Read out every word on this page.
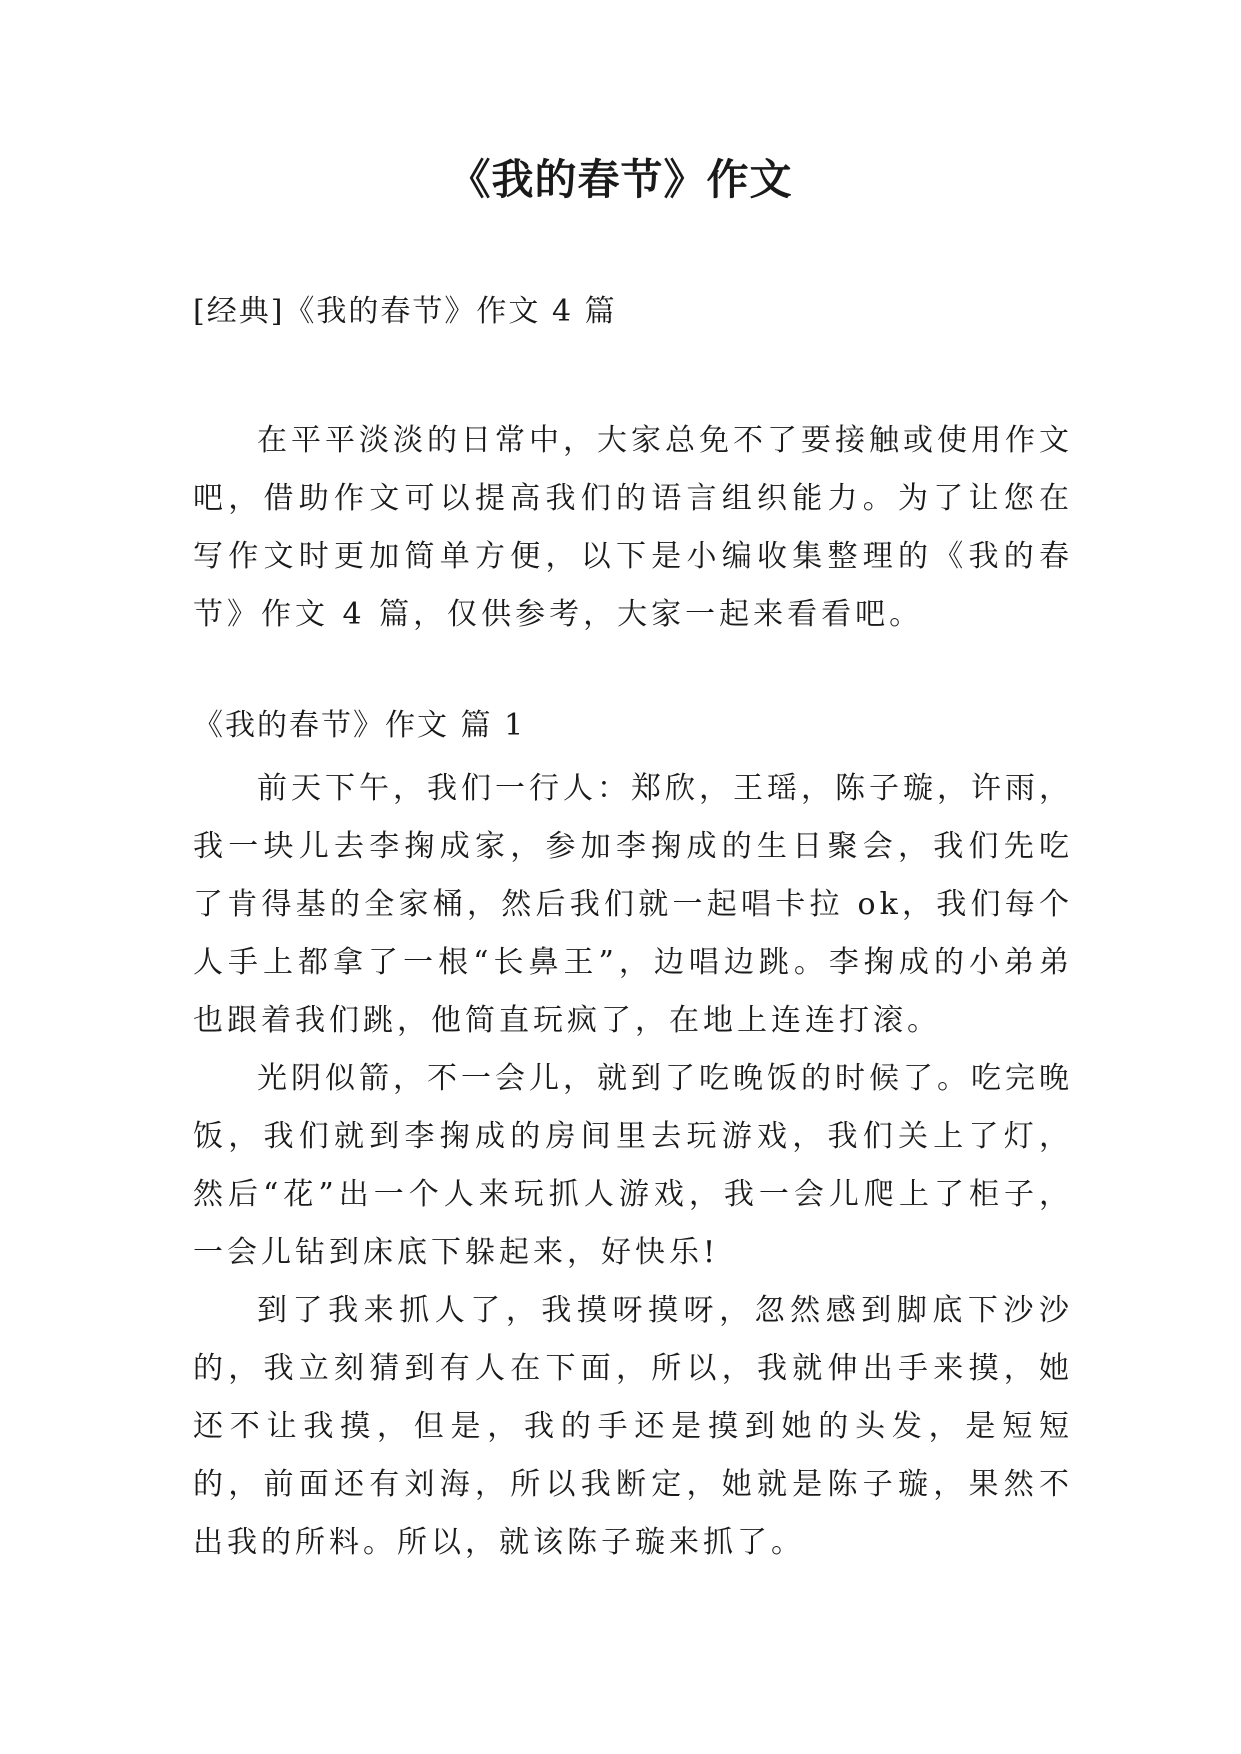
《我的春节》作文

[经典]《我的春节》作文 4 篇

在平平淡淡的日常中，大家总免不了要接触或使用作文吧，借助作文可以提高我们的语言组织能力。为了让您在写作文时更加简单方便，以下是小编收集整理的《我的春节》作文 4 篇，仅供参考，大家一起来看看吧。

《我的春节》作文 篇 1

前天下午，我们一行人：郑欣，王瑶，陈子璇，许雨，我一块儿去李掬成家，参加李掬成的生日聚会，我们先吃了肯得基的全家桶，然后我们就一起唱卡拉 ok，我们每个人手上都拿了一根“长鼻王”，边唱边跳。李掬成的小弟弟也跟着我们跳，他简直玩疯了，在地上连连打滚。

光阴似箭，不一会儿，就到了吃晚饭的时候了。吃完晚饭，我们就到李掬成的房间里去玩游戏，我们关上了灯，然后“花”出一个人来玩抓人游戏，我一会儿爬上了柜子，一会儿钻到床底下躲起来，好快乐!

到了我来抓人了，我摸呀摸呀，忽然感到脚底下沙沙的，我立刻猜到有人在下面，所以，我就伸出手来摸，她还不让我摸，但是，我的手还是摸到她的头发，是短短的，前面还有刘海，所以我断定，她就是陈子璇，果然不出我的所料。所以，就该陈子璇来抓了。
